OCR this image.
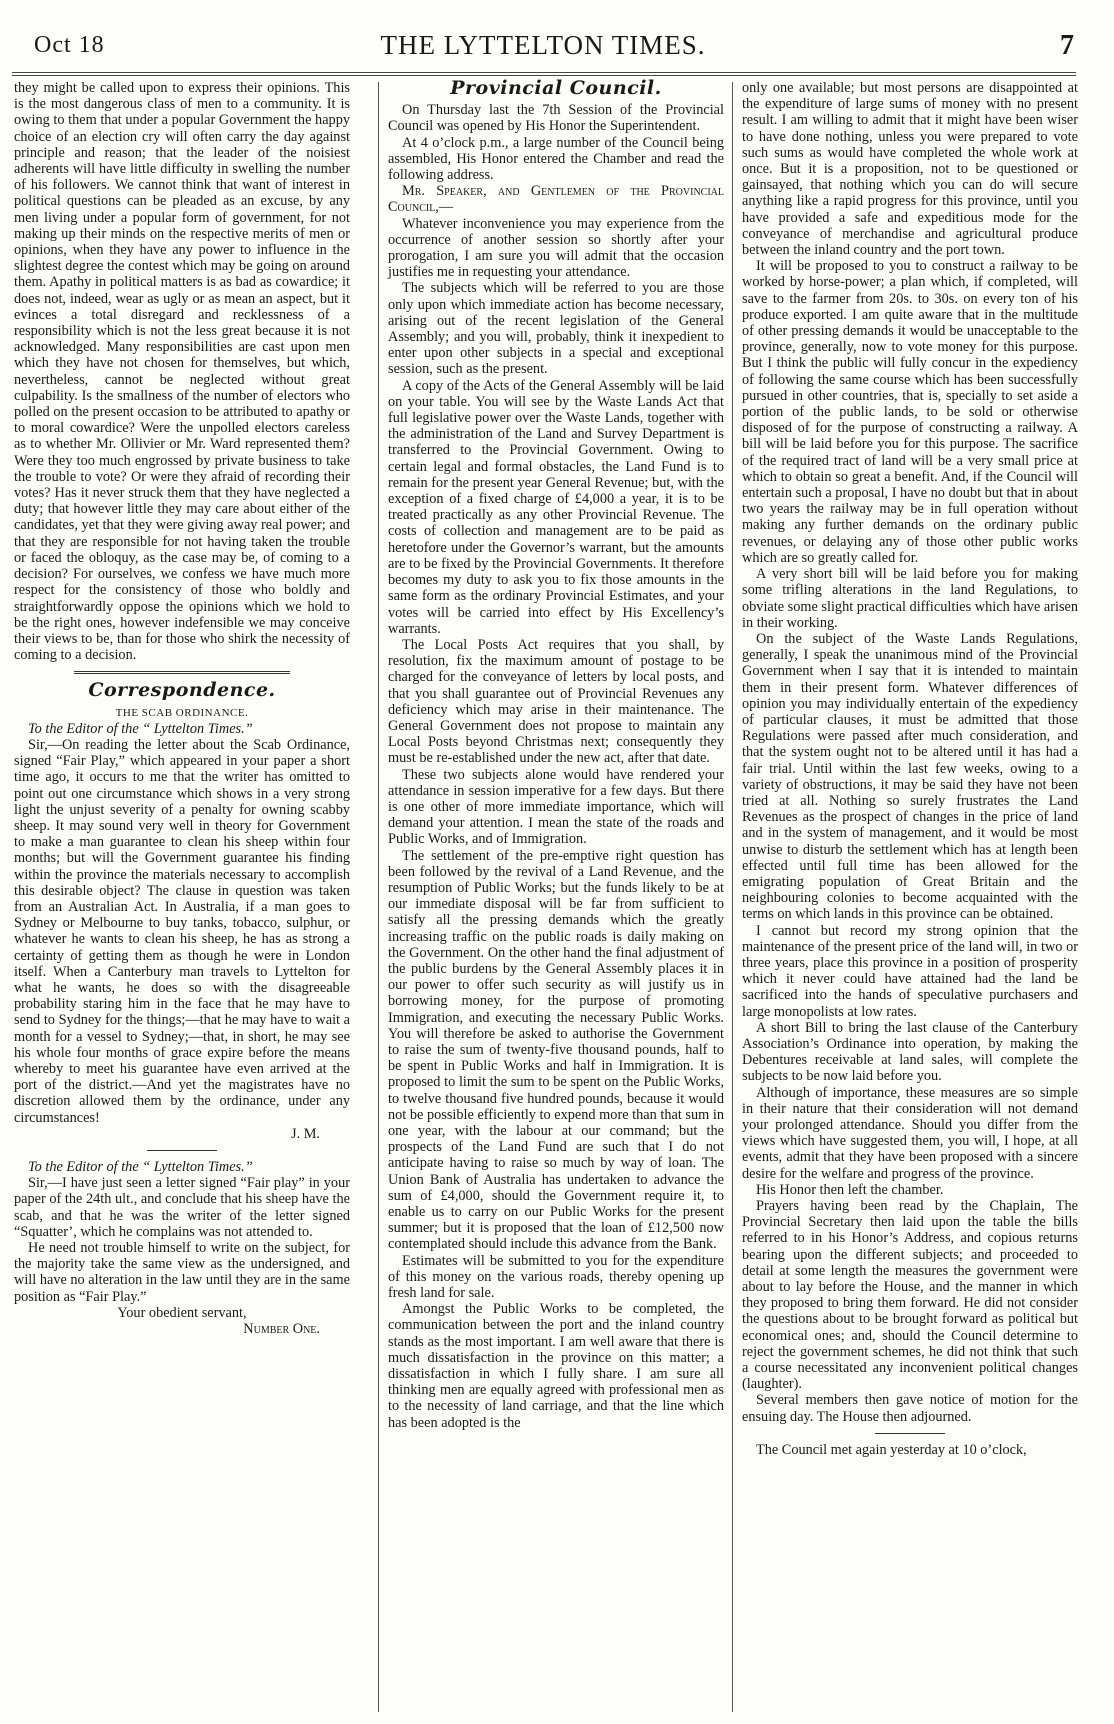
Oct 18	THE LYTTELTON TIMES.	7

they might be called upon to express their opinions. This is the most dangerous class of men to a community. It is owing to them that under a popular Government the happy choice of an election cry will often carry the day against principle and reason; that the leader of the noisiest adherents will have little difficulty in swelling the number of his followers. We cannot think that want of interest in political questions can be pleaded as an excuse, by any men living under a popular form of government, for not making up their minds on the respective merits of men or opinions, when they have any power to influence in the slightest degree the contest which may be going on around them. Apathy in political matters is as bad as cowardice; it does not, indeed, wear as ugly or as mean an aspect, but it evinces a total disregard and recklessness of a responsibility which is not the less great because it is not acknowledged. Many responsibilities are cast upon men which they have not chosen for themselves, but which, nevertheless, cannot be neglected without great culpability. Is the smallness of the number of electors who polled on the present occasion to be attributed to apathy or to moral cowardice? Were the unpolled electors careless as to whether Mr. Ollivier or Mr. Ward represented them? Were they too much engrossed by private business to take the trouble to vote? Or were they afraid of recording their votes? Has it never struck them that they have neglected a duty; that however little they may care about either of the candidates, yet that they were giving away real power; and that they are responsible for not having taken the trouble or faced the obloquy, as the case may be, of coming to a decision? For ourselves, we confess we have much more respect for the consistency of those who boldly and straightforwardly oppose the opinions which we hold to be the right ones, however indefensible we may conceive their views to be, than for those who shirk the necessity of coming to a decision.

Correspondence.

THE SCAB ORDINANCE.

To the Editor of the “ Lyttelton Times.”

Sir,—On reading the letter about the Scab Ordinance, signed “Fair Play,” which appeared in your paper a short time ago, it occurs to me that the writer has omitted to point out one circumstance which shows in a very strong light the unjust severity of a penalty for owning scabby sheep. It may sound very well in theory for Government to make a man guarantee to clean his sheep within four months; but will the Government guarantee his finding within the province the materials necessary to accomplish this desirable object? The clause in question was taken from an Australian Act. In Australia, if a man goes to Sydney or Melbourne to buy tanks, tobacco, sulphur, or whatever he wants to clean his sheep, he has as strong a certainty of getting them as though he were in London itself. When a Canterbury man travels to Lyttelton for what he wants, he does so with the disagreeable probability staring him in the face that he may have to send to Sydney for the things;—that he may have to wait a month for a vessel to Sydney;—that, in short, he may see his whole four months of grace expire before the means whereby to meet his guarantee have even arrived at the port of the district.—And yet the magistrates have no discretion allowed them by the ordinance, under any circumstances!

J. M.

To the Editor of the “ Lyttelton Times.”

Sir,—I have just seen a letter signed “Fair play” in your paper of the 24th ult., and conclude that his sheep have the scab, and that he was the writer of the letter signed “Squatter’, which he complains was not attended to.

He need not trouble himself to write on the subject, for the majority take the same view as the undersigned, and will have no alteration in the law until they are in the same position as “Fair Play.”

Your obedient servant,

Number One.

Provincial Council.

On Thursday last the 7th Session of the Provincial Council was opened by His Honor the Superintendent.

At 4 o’clock p.m., a large number of the Council being assembled, His Honor entered the Chamber and read the following address.

Mr. Speaker, and Gentlemen of the Provincial Council,—

Whatever inconvenience you may experience from the occurrence of another session so shortly after your prorogation, I am sure you will admit that the occasion justifies me in requesting your attendance.

The subjects which will be referred to you are those only upon which immediate action has become necessary, arising out of the recent legislation of the General Assembly; and you will, probably, think it inexpedient to enter upon other subjects in a special and exceptional session, such as the present.

A copy of the Acts of the General Assembly will be laid on your table. You will see by the Waste Lands Act that full legislative power over the Waste Lands, together with the administration of the Land and Survey Department is transferred to the Provincial Government. Owing to certain legal and formal obstacles, the Land Fund is to remain for the present year General Revenue; but, with the exception of a fixed charge of £4,000 a year, it is to be treated practically as any other Provincial Revenue. The costs of collection and management are to be paid as heretofore under the Governor’s warrant, but the amounts are to be fixed by the Provincial Governments. It therefore becomes my duty to ask you to fix those amounts in the same form as the ordinary Provincial Estimates, and your votes will be carried into effect by His Excellency’s warrants.

The Local Posts Act requires that you shall, by resolution, fix the maximum amount of postage to be charged for the conveyance of letters by local posts, and that you shall guarantee out of Provincial Revenues any deficiency which may arise in their maintenance. The General Government does not propose to maintain any Local Posts beyond Christmas next; consequently they must be re-established under the new act, after that date.

These two subjects alone would have rendered your attendance in session imperative for a few days. But there is one other of more immediate importance, which will demand your attention. I mean the state of the roads and Public Works, and of Immigration.

The settlement of the pre-emptive right question has been followed by the revival of a Land Revenue, and the resumption of Public Works; but the funds likely to be at our immediate disposal will be far from sufficient to satisfy all the pressing demands which the greatly increasing traffic on the public roads is daily making on the Government. On the other hand the final adjustment of the public burdens by the General Assembly places it in our power to offer such security as will justify us in borrowing money, for the purpose of promoting Immigration, and executing the necessary Public Works. You will therefore be asked to authorise the Government to raise the sum of twenty-five thousand pounds, half to be spent in Public Works and half in Immigration. It is proposed to limit the sum to be spent on the Public Works, to twelve thousand five hundred pounds, because it would not be possible efficiently to expend more than that sum in one year, with the labour at our command; but the prospects of the Land Fund are such that I do not anticipate having to raise so much by way of loan. The Union Bank of Australia has undertaken to advance the sum of £4,000, should the Government require it, to enable us to carry on our Public Works for the present summer; but it is proposed that the loan of £12,500 now contemplated should include this advance from the Bank.

Estimates will be submitted to you for the expenditure of this money on the various roads, thereby opening up fresh land for sale.

Amongst the Public Works to be completed, the communication between the port and the inland country stands as the most important. I am well aware that there is much dissatisfaction in the province on this matter; a dissatisfaction in which I fully share. I am sure all thinking men are equally agreed with professional men as to the necessity of land carriage, and that the line which has been adopted is the

only one available; but most persons are disappointed at the expenditure of large sums of money with no present result. I am willing to admit that it might have been wiser to have done nothing, unless you were prepared to vote such sums as would have completed the whole work at once. But it is a proposition, not to be questioned or gainsayed, that nothing which you can do will secure anything like a rapid progress for this province, until you have provided a safe and expeditious mode for the conveyance of merchandise and agricultural produce between the inland country and the port town.

It will be proposed to you to construct a railway to be worked by horse-power; a plan which, if completed, will save to the farmer from 20s. to 30s. on every ton of his produce exported. I am quite aware that in the multitude of other pressing demands it would be unacceptable to the province, generally, now to vote money for this purpose. But I think the public will fully concur in the expediency of following the same course which has been successfully pursued in other countries, that is, specially to set aside a portion of the public lands, to be sold or otherwise disposed of for the purpose of constructing a railway. A bill will be laid before you for this purpose. The sacrifice of the required tract of land will be a very small price at which to obtain so great a benefit. And, if the Council will entertain such a proposal, I have no doubt but that in about two years the railway may be in full operation without making any further demands on the ordinary public revenues, or delaying any of those other public works which are so greatly called for.

A very short bill will be laid before you for making some trifling alterations in the land Regulations, to obviate some slight practical difficulties which have arisen in their working.

On the subject of the Waste Lands Regulations, generally, I speak the unanimous mind of the Provincial Government when I say that it is intended to maintain them in their present form. Whatever differences of opinion you may individually entertain of the expediency of particular clauses, it must be admitted that those Regulations were passed after much consideration, and that the system ought not to be altered until it has had a fair trial. Until within the last few weeks, owing to a variety of obstructions, it may be said they have not been tried at all. Nothing so surely frustrates the Land Revenues as the prospect of changes in the price of land and in the system of management, and it would be most unwise to disturb the settlement which has at length been effected until full time has been allowed for the emigrating population of Great Britain and the neighbouring colonies to become acquainted with the terms on which lands in this province can be obtained.

I cannot but record my strong opinion that the maintenance of the present price of the land will, in two or three years, place this province in a position of prosperity which it never could have attained had the land be sacrificed into the hands of speculative purchasers and large monopolists at low rates.

A short Bill to bring the last clause of the Canterbury Association’s Ordinance into operation, by making the Debentures receivable at land sales, will complete the subjects to be now laid before you.

Although of importance, these measures are so simple in their nature that their consideration will not demand your prolonged attendance. Should you differ from the views which have suggested them, you will, I hope, at all events, admit that they have been proposed with a sincere desire for the welfare and progress of the province.

His Honor then left the chamber.

Prayers having been read by the Chaplain, The Provincial Secretary then laid upon the table the bills referred to in his Honor’s Address, and copious returns bearing upon the different subjects; and proceeded to detail at some length the measures the government were about to lay before the House, and the manner in which they proposed to bring them forward. He did not consider the questions about to be brought forward as political but economical ones; and, should the Council determine to reject the government schemes, he did not think that such a course necessitated any inconvenient political changes (laughter).

Several members then gave notice of motion for the ensuing day. The House then adjourned.

The Council met again yesterday at 10 o’clock,
